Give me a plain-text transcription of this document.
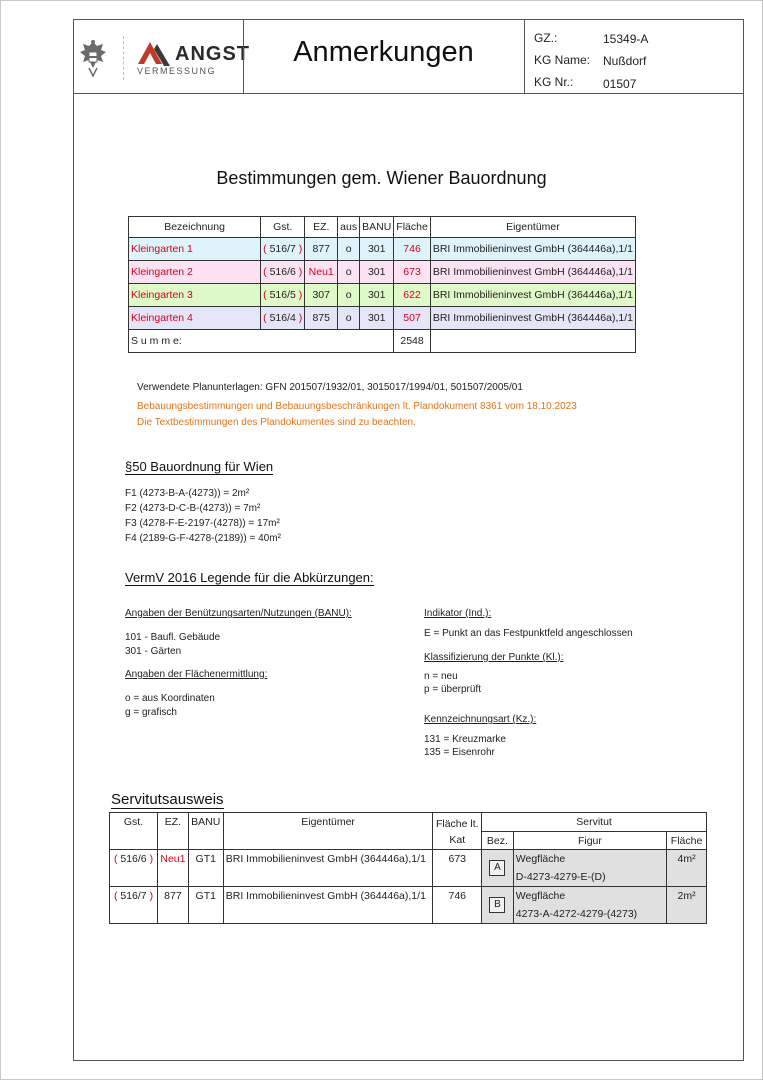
ANGST
VERMESSUNG
Anmerkungen	GZ.:	15349-A
KG Name: Nußdorf
KG Nr.: 01507
Bestimmungen gem. Wiener Bauordnung
Bezeichnung	Gst.	EZ.	aus	BANU	Fläche	Eigentümer
Kleingarten 1	( 516/7 )	877	o	301	746	BRI Immobilieninvest GmbH (364446a),1/1
Kleingarten 2	( 516/6 )	Neu1	o	301	673	BRI Immobilieninvest GmbH (364446a),1/1
Kleingarten 3	( 516/5 )	307	o	301	622	BRI Immobilieninvest GmbH (364446a),1/1
Kleingarten 4	( 516/4 )	875	o	301	507	BRI Immobilieninvest GmbH (364446a),1/1
S u m m e:					2548	
Verwendete Planunterlagen: GFN 201507/1932/01, 3015017/1994/01, 501507/2005/01
Bebauungsbestimmungen und Bebauungsbeschränkungen lt. Plandokument 8361 vom 18.10.2023
Die Textbestimmungen des Plandokumentes sind zu beachten.
§50 Bauordnung für Wien
F1 (4273-B-A-(4273)) = 2m²
F2 (4273-D-C-B-(4273)) = 7m²
F3 (4278-F-E-2197-(4278)) = 17m²
F4 (2189-G-F-4278-(2189)) = 40m²
VermV 2016 Legende für die Abkürzungen:
Angaben der Benützungsarten/Nutzungen (BANU):
101 - Baufl. Gebäude
301 - Gärten
Angaben der Flächenermittlung:
o = aus Koordinaten
g = grafisch
Indikator (Ind.):
E = Punkt an das Festpunktfeld angeschlossen
Klassifizierung der Punkte (Kl.):
n = neu
p = überprüft
Kennzeichnungsart (Kz.):
131 = Kreuzmarke
135 = Eisenrohr
Servitutsausweis
Gst.	EZ.	BANU	Eigentümer	Fläche lt.
Kat	Servitut		
					Bez.	Figur	Fläche
( 516/6 )	Neu1	GT1	BRI Immobilieninvest GmbH (364446a),1/1	673	A	Wegfläche
D-4273-4279-E-(D)	4m²
( 516/7 )	877	GT1	BRI Immobilieninvest GmbH (364446a),1/1	746	B	Wegfläche
4273-A-4272-4279-(4273)	2m²
